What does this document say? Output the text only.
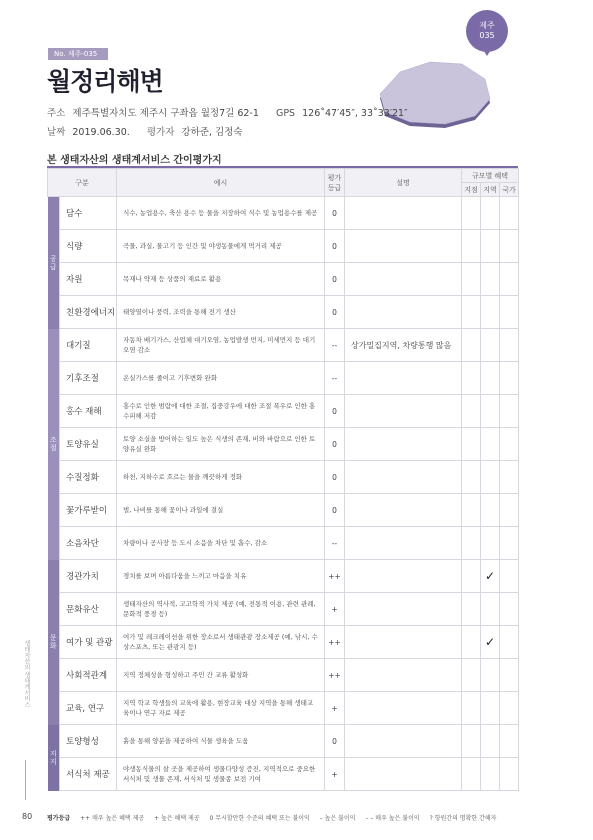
제주
035
No. 제주-035
월정리해변
주소 제주특별자치도 제주시 구좌읍 월정7길 62-1 GPS 126˚47′45″, 33˚33′21″
날짜 2019.06.30. 평가자 강하준, 김정숙
본 생태자산의 생태계서비스 간이평가지
구분		예시	평가 등급	설명	규모별 혜택		
					지점	지역	국가
공급	담수	식수, 농업용수, 축산 용수 등 물을 저장하여 식수 및 농업용수를 제공	0				
	식량	곡물, 과실, 물고기 등 인간 및 야생동물에게 먹거리 제공	0				
	자원	목재나 약재 등 상품의 재료로 활용	0				
	친환경에너지	태양열이나 풍력, 조력을 통해 전기 생산	0				
조절	대기질	자동차 배기가스, 산업체 대기오염, 농업발생 먼지, 미세먼지 등 대기오염 감소	--	상가밀집지역, 차량통행 많음			
	기후조절	온실가스를 줄이고 기후변화 완화	--				
	홍수 재해	홍수로 인한 범람에 대한 조절, 집중강우에 대한 조절 폭우로 인한 홍수피해 저감	0				
	토양유실	토양 소실을 방어하는 일도 높은 식생의 존재, 비와 바람으로 인한 토양유실 완화	0				
	수질정화	하천, 지하수로 흐르는 물을 깨끗하게 정화	0				
	꽃가루받이	벌, 나비를 통해 꽃이나 과일에 결실	0				
	소음차단	차량이나 공사장 등 도시 소음을 차단 및 흡수, 감소	--				
문화	경관가치	경치를 보며 아름다움을 느끼고 마음을 치유	++			✓	
	문화유산	생태자산의 역사적, 고고학적 가치 제공 (예, 전통적 이용, 관련 관례, 문화적 풍경 등)	+				
	여가 및 관광	여가 및 레크레이션을 위한 장소로서 생태관광 장소제공 (예, 낚시, 수상스포츠, 또는 관광지 등)	++			✓	
	사회적관계	지역 정체성을 형성하고 주민 간 교류 활성화	++				
	교육, 연구	지역 학교 학생들의 교육에 활용, 현장교육 대상 지역을 통해 생태교육이나 연구 자료 제공	+				
지지	토양형성	흙을 통해 양분을 제공하여 식물 생육을 도움	0				
	서식처 제공	야생동식물의 살 곳을 제공하여 생물다양성 증진, 지역적으로 중요한 서식처 및 생물 존재, 서식처 및 생물종 보전 기여	+				
생태자산의 생태계서비스
80 평가등급 ++ 매우 높은 혜택 제공 + 높은 혜택 제공 0 무시할만한 수준의 혜택 또는 불이익 – 높은 불이익 – – 매우 높은 불이익 ? 항원간의 명확한 간해자
